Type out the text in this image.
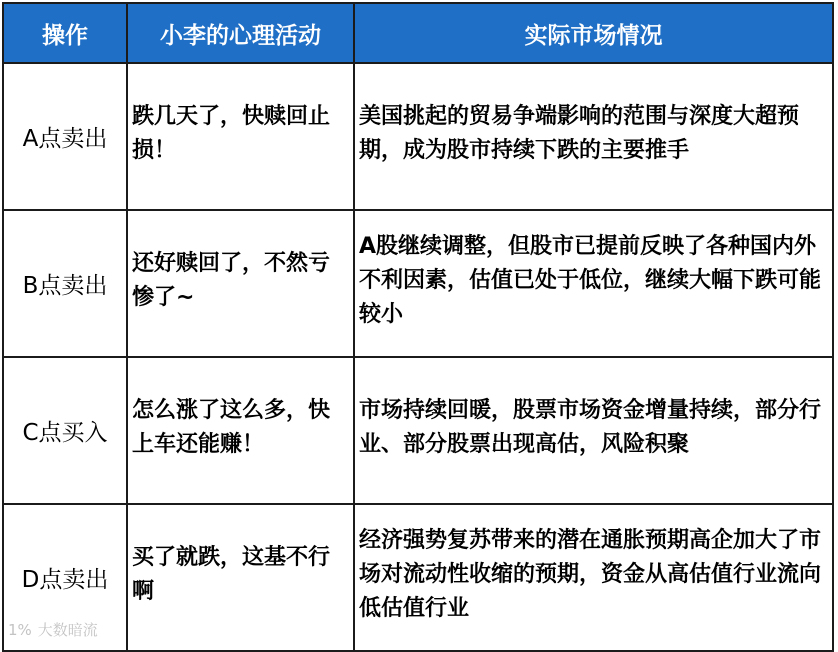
操作	小李的心理活动	实际市场情况
A点卖出	跌几天了，快赎回止损！	美国挑起的贸易争端影响的范围与深度大超预期，成为股市持续下跌的主要推手
B点卖出	还好赎回了，不然亏惨了~	A股继续调整，但股市已提前反映了各种国内外不利因素，估值已处于低位，继续大幅下跌可能较小
C点买入	怎么涨了这么多，快上车还能赚！	市场持续回暖，股票市场资金增量持续，部分行业、部分股票出现高估，风险积聚
D点卖出	买了就跌，这基不行啊	经济强势复苏带来的潜在通胀预期高企加大了市场对流动性收缩的预期，资金从高估值行业流向低估值行业
1% 大数暗流
